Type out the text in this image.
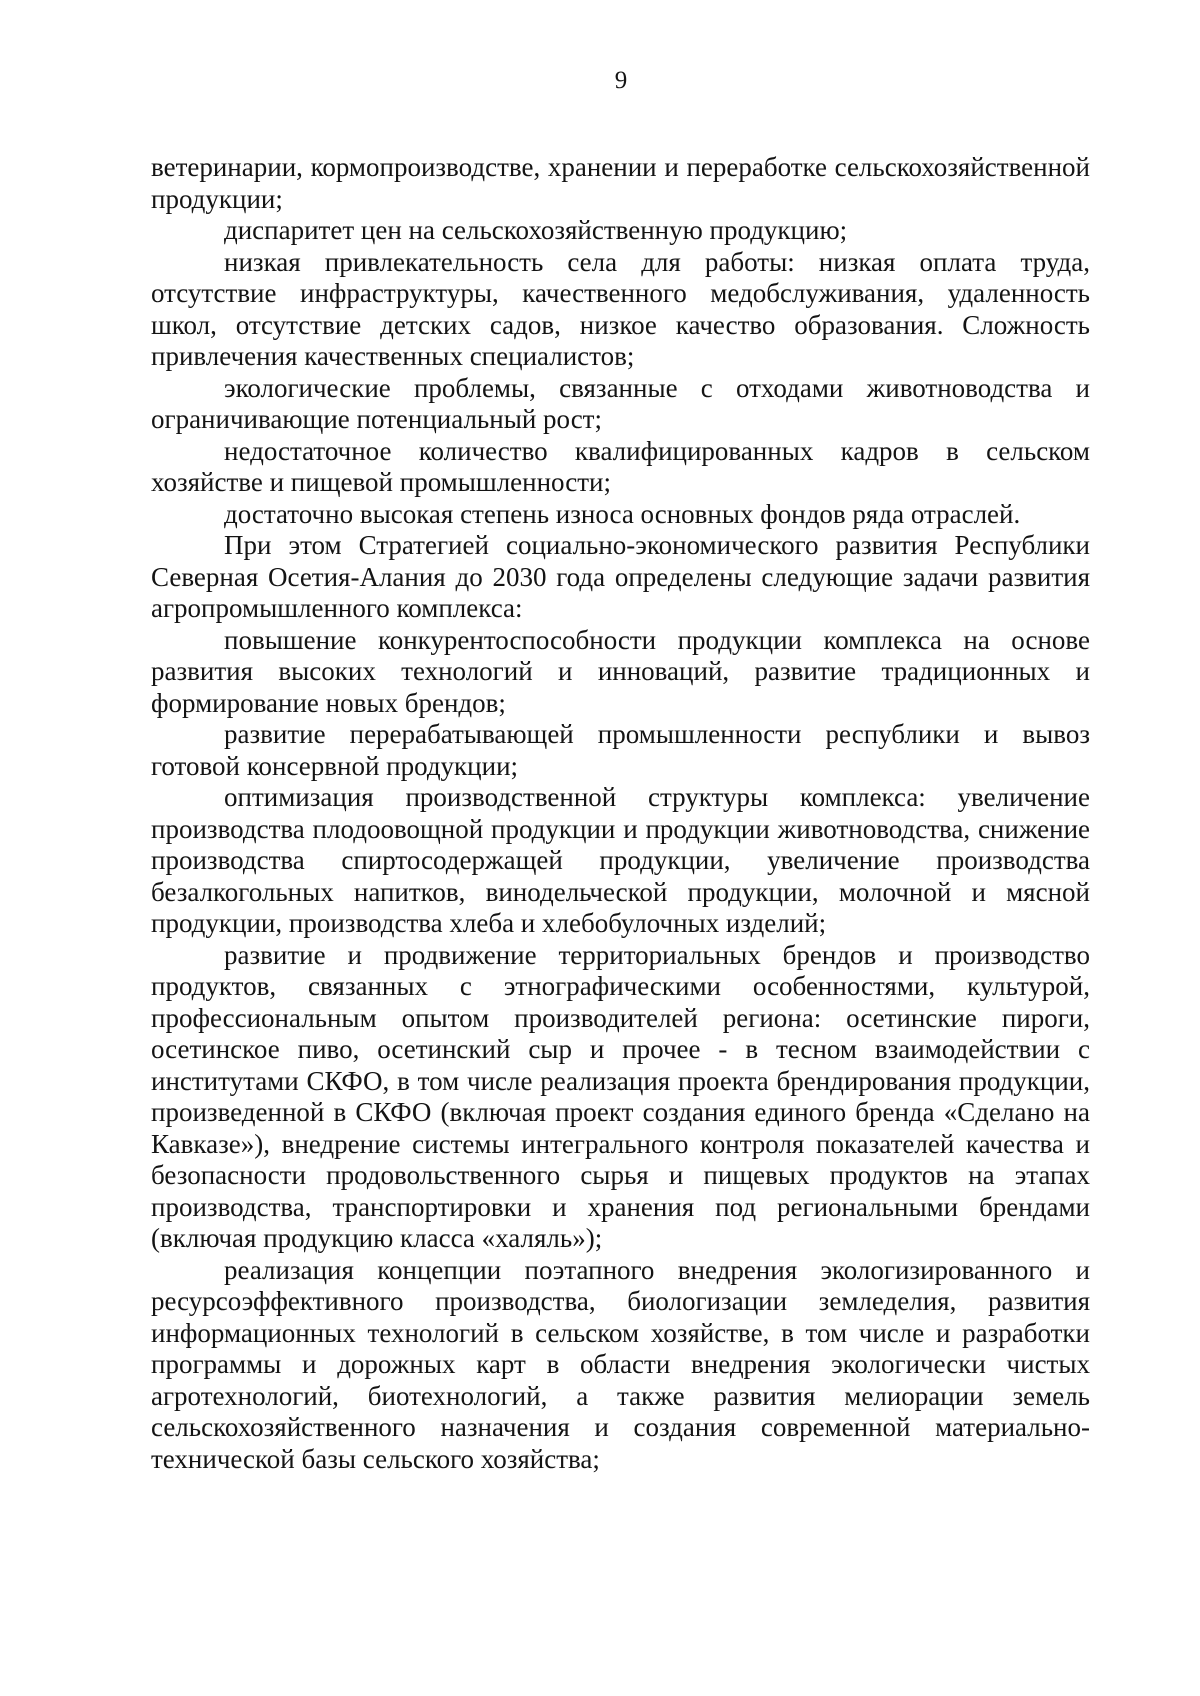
9

ветеринарии, кормопроизводстве, хранении и переработке сельскохозяйственной продукции;

диспаритет цен на сельскохозяйственную продукцию;

низкая привлекательность села для работы: низкая оплата труда, отсутствие инфраструктуры, качественного медобслуживания, удаленность школ, отсутствие детских садов, низкое качество образования. Сложность привлечения качественных специалистов;

экологические проблемы, связанные с отходами животноводства и ограничивающие потенциальный рост;

недостаточное количество квалифицированных кадров в сельском хозяйстве и пищевой промышленности;

достаточно высокая степень износа основных фондов ряда отраслей.

При этом Стратегией социально-экономического развития Республики Северная Осетия-Алания до 2030 года определены следующие задачи развития агропромышленного комплекса:

повышение конкурентоспособности продукции комплекса на основе развития высоких технологий и инноваций, развитие традиционных и формирование новых брендов;

развитие перерабатывающей промышленности республики и вывоз готовой консервной продукции;

оптимизация производственной структуры комплекса: увеличение производства плодоовощной продукции и продукции животноводства, снижение производства спиртосодержащей продукции, увеличение производства безалкогольных напитков, винодельческой продукции, молочной и мясной продукции, производства хлеба и хлебобулочных изделий;

развитие и продвижение территориальных брендов и производство продуктов, связанных с этнографическими особенностями, культурой, профессиональным опытом производителей региона: осетинские пироги, осетинское пиво, осетинский сыр и прочее - в тесном взаимодействии с институтами СКФО, в том числе реализация проекта брендирования продукции, произведенной в СКФО (включая проект создания единого бренда «Сделано на Кавказе»), внедрение системы интегрального контроля показателей качества и безопасности продовольственного сырья и пищевых продуктов на этапах производства, транспортировки и хранения под региональными брендами (включая продукцию класса «халяль»);

реализация концепции поэтапного внедрения экологизированного и ресурсоэффективного производства, биологизации земледелия, развития информационных технологий в сельском хозяйстве, в том числе и разработки программы и дорожных карт в области внедрения экологически чистых агротехнологий, биотехнологий, а также развития мелиорации земель сельскохозяйственного назначения и создания современной материально-технической базы сельского хозяйства;
